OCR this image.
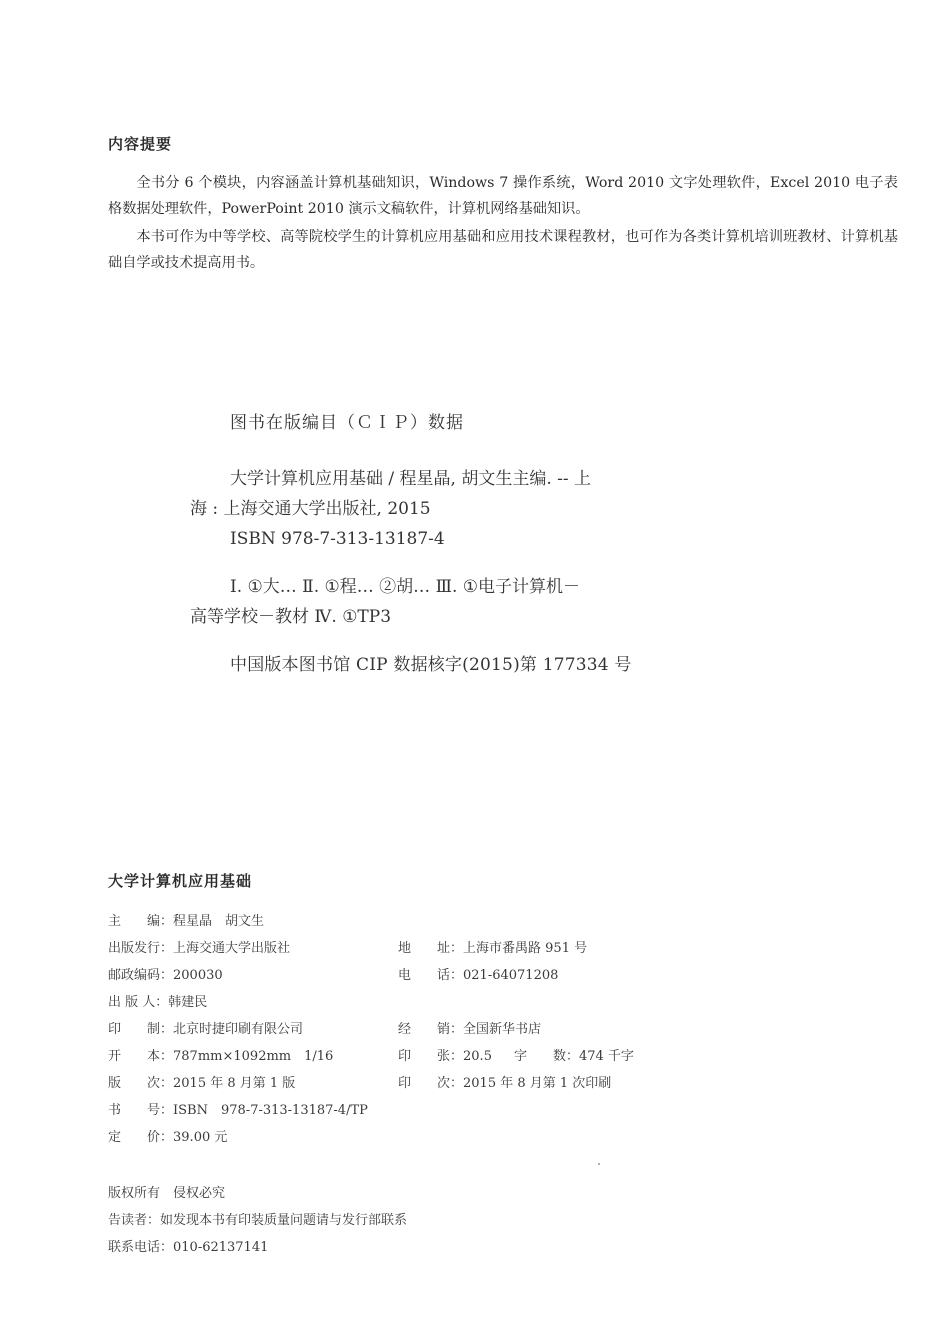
内容提要

全书分 6 个模块，内容涵盖计算机基础知识，Windows 7 操作系统，Word 2010 文字处理软件，Excel 2010 电子表格数据处理软件，PowerPoint 2010 演示文稿软件，计算机网络基础知识。

本书可作为中等学校、高等院校学生的计算机应用基础和应用技术课程教材，也可作为各类计算机培训班教材、计算机基础自学或技术提高用书。

图书在版编目（ＣＩＰ）数据
大学计算机应用基础 / 程星晶, 胡文生主编. -- 上
海 : 上海交通大学出版社, 2015
ISBN 978-7-313-13187-4
Ⅰ. ①大… Ⅱ. ①程… ②胡… Ⅲ. ①电子计算机－
高等学校－教材 Ⅳ. ①TP3
中国版本图书馆 CIP 数据核字(2015)第 177334 号
大学计算机应用基础
主　　编：程星晶　胡文生
出版发行：上海交通大学出版社	地　　址：上海市番禺路 951 号
邮政编码：200030	电　　话：021-64071208
出 版 人：韩建民
印　　制：北京时捷印刷有限公司	经　　销：全国新华书店
开　　本：787mm×1092mm　1/16	印　　张：20.5 字　　数：474 千字
版　　次：2015 年 8 月第 1 版	印　　次：2015 年 8 月第 1 次印刷
书　　号：ISBN　978-7-313-13187-4/TP
定　　价：39.00 元
版权所有　侵权必究
告读者：如发现本书有印装质量问题请与发行部联系
联系电话：010-62137141
